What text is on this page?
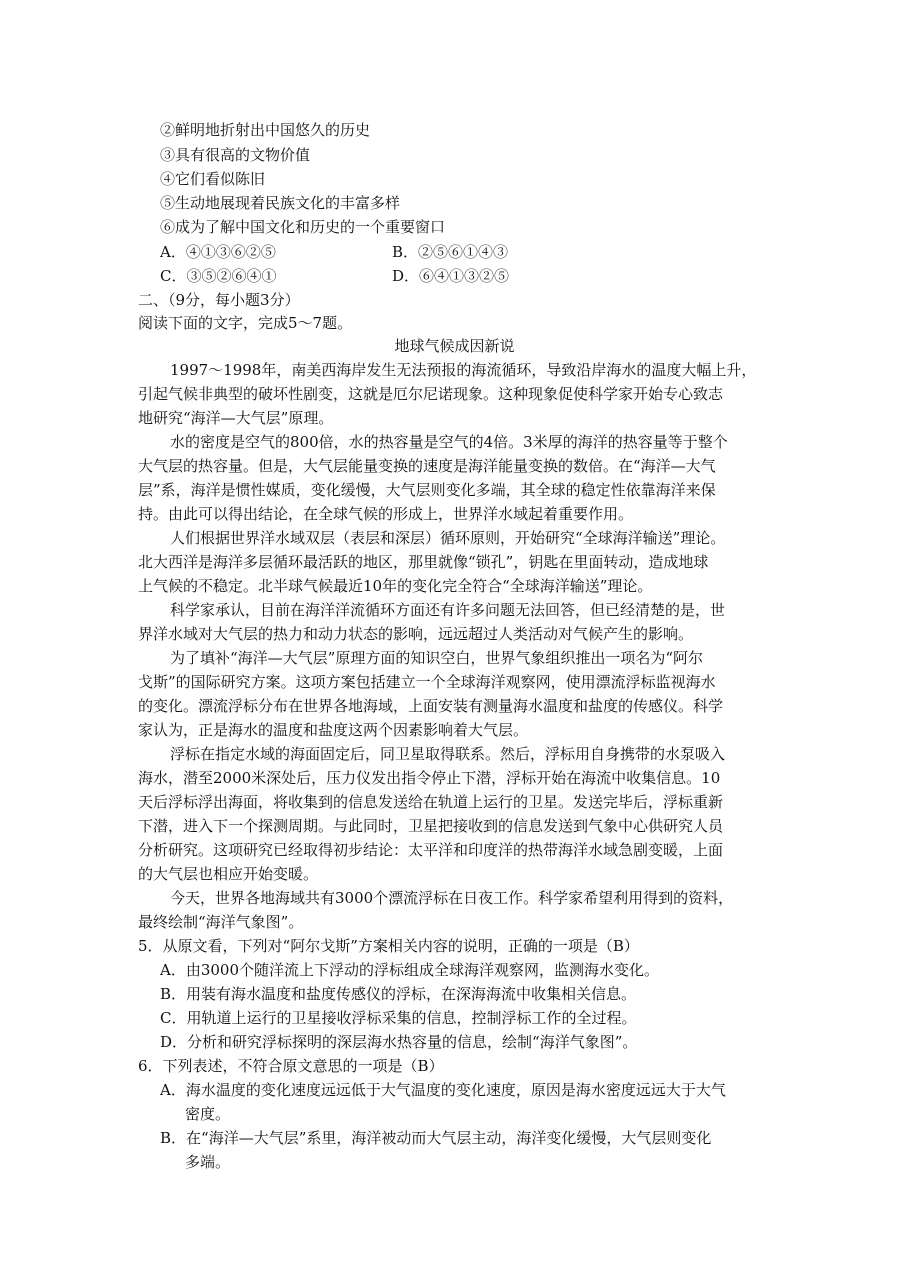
②鲜明地折射出中国悠久的历史
③具有很高的文物价值
④它们看似陈旧
⑤生动地展现着民族文化的丰富多样
⑥成为了解中国文化和历史的一个重要窗口
A．④①③⑥②⑤	B．②⑤⑥①④③
C．③⑤②⑥④①	D．⑥④①③②⑤
二、（9分，每小题3分）
阅读下面的文字，完成5～7题。
地球气候成因新说
1997～1998年，南美西海岸发生无法预报的海流循环，导致沿岸海水的温度大幅上升，
引起气候非典型的破坏性剧变，这就是厄尔尼诺现象。这种现象促使科学家开始专心致志
地研究“海洋—大气层”原理。
水的密度是空气的800倍，水的热容量是空气的4倍。3米厚的海洋的热容量等于整个
大气层的热容量。但是，大气层能量变换的速度是海洋能量变换的数倍。在“海洋—大气
层”系，海洋是惯性媒质，变化缓慢，大气层则变化多端，其全球的稳定性依靠海洋来保
持。由此可以得出结论，在全球气候的形成上，世界洋水域起着重要作用。
人们根据世界洋水域双层（表层和深层）循环原则，开始研究“全球海洋输送”理论。
北大西洋是海洋多层循环最活跃的地区，那里就像“锁孔”，钥匙在里面转动，造成地球
上气候的不稳定。北半球气候最近10年的变化完全符合“全球海洋输送”理论。
科学家承认，目前在海洋洋流循环方面还有许多问题无法回答，但已经清楚的是，世
界洋水域对大气层的热力和动力状态的影响，远远超过人类活动对气候产生的影响。
为了填补“海洋—大气层”原理方面的知识空白，世界气象组织推出一项名为“阿尔
戈斯”的国际研究方案。这项方案包括建立一个全球海洋观察网，使用漂流浮标监视海水
的变化。漂流浮标分布在世界各地海域，上面安装有测量海水温度和盐度的传感仪。科学
家认为，正是海水的温度和盐度这两个因素影响着大气层。
浮标在指定水域的海面固定后，同卫星取得联系。然后，浮标用自身携带的水泵吸入
海水，潜至2000米深处后，压力仪发出指令停止下潜，浮标开始在海流中收集信息。10
天后浮标浮出海面，将收集到的信息发送给在轨道上运行的卫星。发送完毕后，浮标重新
下潜，进入下一个探测周期。与此同时，卫星把接收到的信息发送到气象中心供研究人员
分析研究。这项研究已经取得初步结论：太平洋和印度洋的热带海洋水域急剧变暖，上面
的大气层也相应开始变暖。
今天，世界各地海域共有3000个漂流浮标在日夜工作。科学家希望利用得到的资料，
最终绘制“海洋气象图”。
5．从原文看，下列对“阿尔戈斯”方案相关内容的说明，正确的一项是（B）
A．由3000个随洋流上下浮动的浮标组成全球海洋观察网，监测海水变化。
B．用装有海水温度和盐度传感仪的浮标，在深海海流中收集相关信息。
C．用轨道上运行的卫星接收浮标采集的信息，控制浮标工作的全过程。
D．分析和研究浮标探明的深层海水热容量的信息，绘制“海洋气象图”。
6．下列表述，不符合原文意思的一项是（B）
A．海水温度的变化速度远远低于大气温度的变化速度，原因是海水密度远远大于大气
密度。
B．在“海洋—大气层”系里，海洋被动而大气层主动，海洋变化缓慢，大气层则变化
多端。
